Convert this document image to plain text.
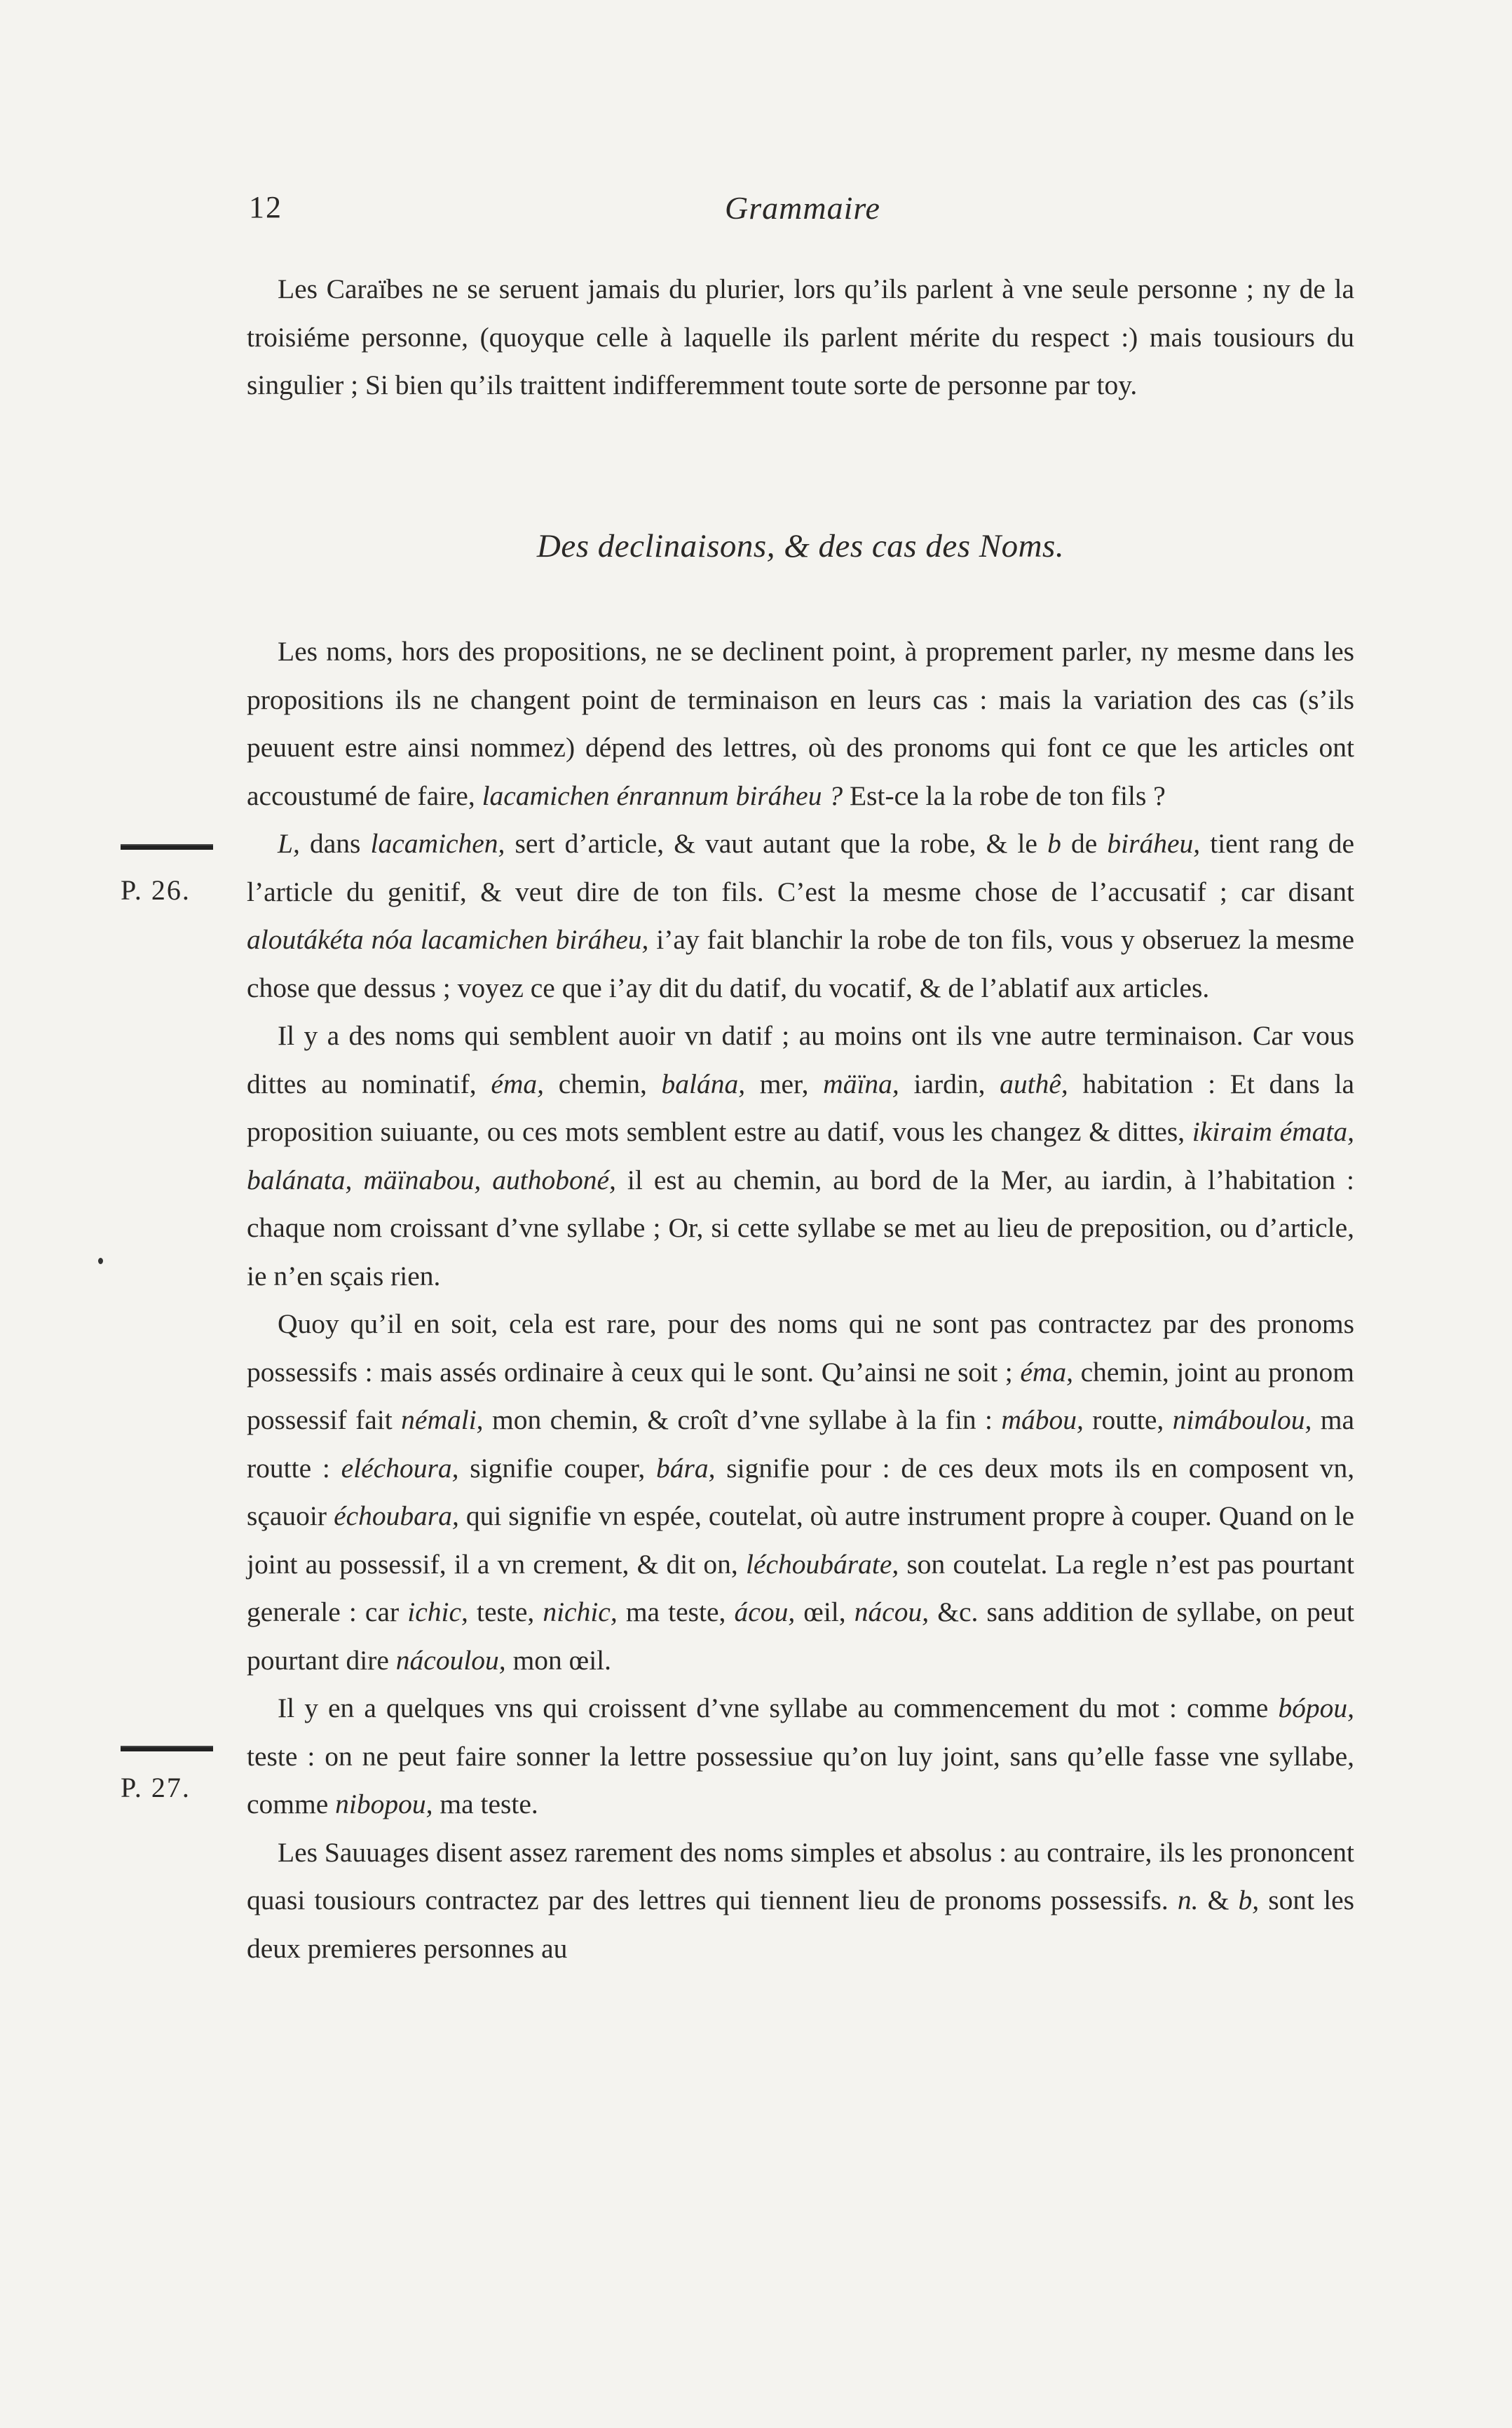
12	Grammaire

Les Caraïbes ne se seruent jamais du plurier, lors qu’ils parlent à vne seule personne ; ny de la troisiéme personne, (quoyque celle à laquelle ils parlent mérite du respect :) mais tousiours du singulier ; Si bien qu’ils traittent indifferemment toute sorte de personne par toy.

Des declinaisons, & des cas des Noms.

Les noms, hors des propositions, ne se declinent point, à proprement parler, ny mesme dans les propositions ils ne changent point de terminaison en leurs cas : mais la variation des cas (s’ils peuuent estre ainsi nommez) dépend des lettres, où des pronoms qui font ce que les articles ont accoustumé de faire, lacamichen énrannum biráheu ? Est-ce la la robe de ton fils ?

L, dans lacamichen, sert d’article, & vaut autant que la robe, & le b de biráheu, tient rang de l’article du genitif, & veut dire de ton fils. C’est la mesme chose de l’accusatif ; car disant aloutákéta nóa lacamichen biráheu, i’ay fait blanchir la robe de ton fils, vous y obseruez la mesme chose que dessus ; voyez ce que i’ay dit du datif, du vocatif, & de l’ablatif aux articles.

Il y a des noms qui semblent auoir vn datif ; au moins ont ils vne autre terminaison. Car vous dittes au nominatif, éma, chemin, balána, mer, mäïna, iardin, authê, habitation : Et dans la proposition suiuante, ou ces mots semblent estre au datif, vous les changez & dittes, ikiraim émata, balánata, mäïnabou, authoboné, il est au chemin, au bord de la Mer, au iardin, à l’habitation : chaque nom croissant d’vne syllabe ; Or, si cette syllabe se met au lieu de preposition, ou d’article, ie n’en sçais rien.

Quoy qu’il en soit, cela est rare, pour des noms qui ne sont pas contractez par des pronoms possessifs : mais assés ordinaire à ceux qui le sont. Qu’ainsi ne soit ; éma, chemin, joint au pronom possessif fait némali, mon chemin, & croît d’vne syllabe à la fin : mábou, routte, nimáboulou, ma routte : eléchoura, signifie couper, bára, signifie pour : de ces deux mots ils en composent vn, sçauoir échoubara, qui signifie vn espée, coutelat, où autre instrument propre à couper. Quand on le joint au possessif, il a vn crement, & dit on, léchoubárate, son coutelat. La regle n’est pas pourtant generale : car ichic, teste, nichic, ma teste, ácou, œil, nácou, &c. sans addition de syllabe, on peut pourtant dire nácoulou, mon œil.

Il y en a quelques vns qui croissent d’vne syllabe au commencement du mot : comme bópou, teste : on ne peut faire sonner la lettre possessiue qu’on luy joint, sans qu’elle fasse vne syllabe, comme nibopou, ma teste.

Les Sauuages disent assez rarement des noms simples et absolus : au contraire, ils les prononcent quasi tousiours contractez par des lettres qui tiennent lieu de pronoms possessifs. n. & b, sont les deux premieres personnes au

P. 26.
P. 27.
